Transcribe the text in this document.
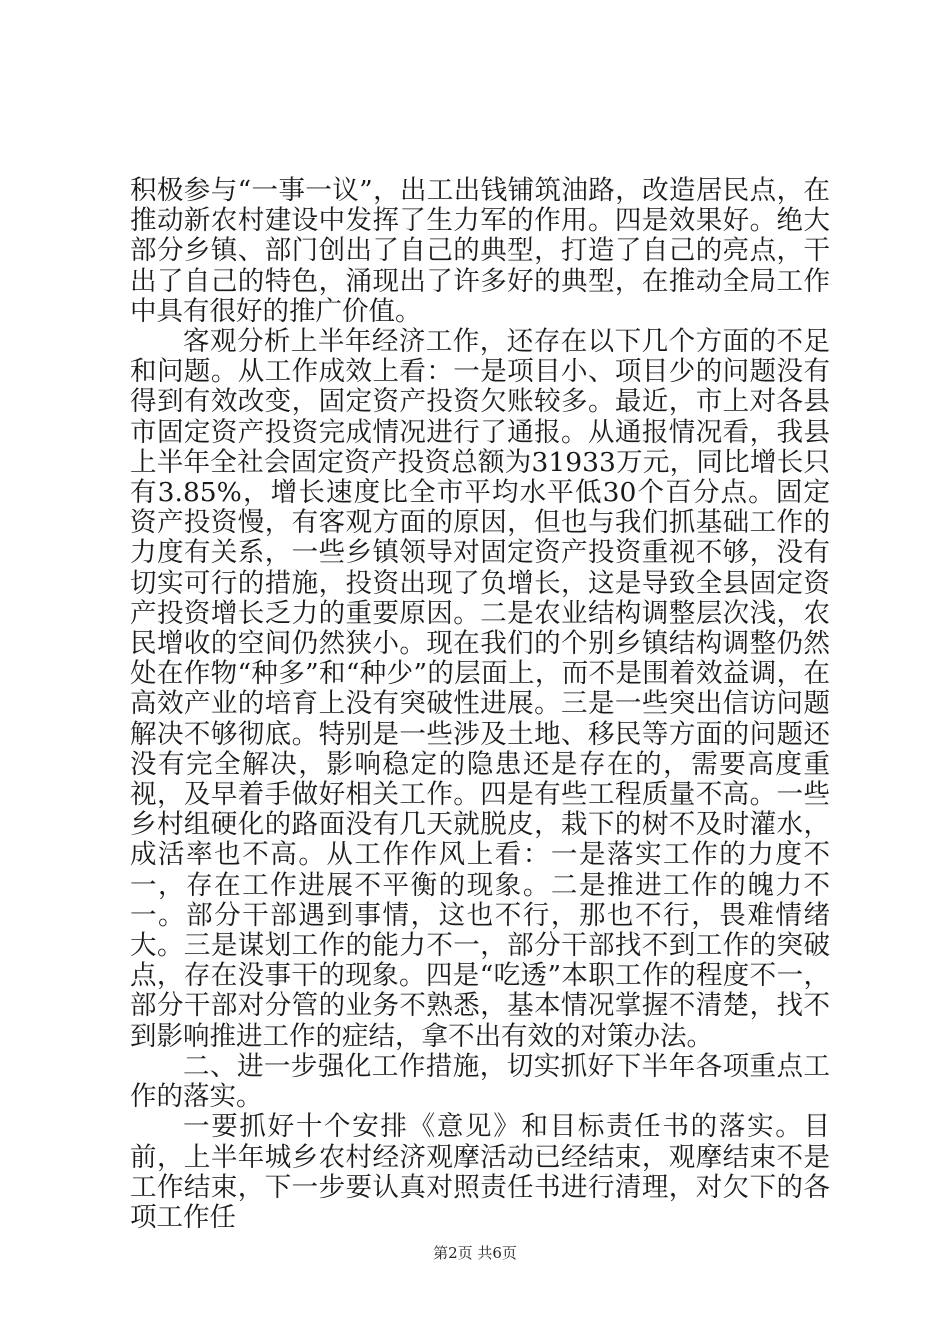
积极参与“一事一议”，出工出钱铺筑油路，改造居民点，在推动新农村建设中发挥了生力军的作用。四是效果好。绝大部分乡镇、部门创出了自己的典型，打造了自己的亮点，干出了自己的特色，涌现出了许多好的典型，在推动全局工作中具有很好的推广价值。

客观分析上半年经济工作，还存在以下几个方面的不足和问题。从工作成效上看：一是项目小、项目少的问题没有得到有效改变，固定资产投资欠账较多。最近，市上对各县市固定资产投资完成情况进行了通报。从通报情况看，我县上半年全社会固定资产投资总额为31933万元，同比增长只有3.85%，增长速度比全市平均水平低30个百分点。固定资产投资慢，有客观方面的原因，但也与我们抓基础工作的力度有关系，一些乡镇领导对固定资产投资重视不够，没有切实可行的措施，投资出现了负增长，这是导致全县固定资产投资增长乏力的重要原因。二是农业结构调整层次浅，农民增收的空间仍然狭小。现在我们的个别乡镇结构调整仍然处在作物“种多”和“种少”的层面上，而不是围着效益调，在高效产业的培育上没有突破性进展。三是一些突出信访问题解决不够彻底。特别是一些涉及土地、移民等方面的问题还没有完全解决，影响稳定的隐患还是存在的，需要高度重视，及早着手做好相关工作。四是有些工程质量不高。一些乡村组硬化的路面没有几天就脱皮，栽下的树不及时灌水，成活率也不高。从工作作风上看：一是落实工作的力度不一，存在工作进展不平衡的现象。二是推进工作的魄力不一。部分干部遇到事情，这也不行，那也不行，畏难情绪大。三是谋划工作的能力不一，部分干部找不到工作的突破点，存在没事干的现象。四是“吃透”本职工作的程度不一，部分干部对分管的业务不熟悉，基本情况掌握不清楚，找不到影响推进工作的症结，拿不出有效的对策办法。

二、进一步强化工作措施，切实抓好下半年各项重点工作的落实。

一要抓好十个安排《意见》和目标责任书的落实。目前，上半年城乡农村经济观摩活动已经结束，观摩结束不是工作结束，下一步要认真对照责任书进行清理，对欠下的各项工作任

第2页 共6页
